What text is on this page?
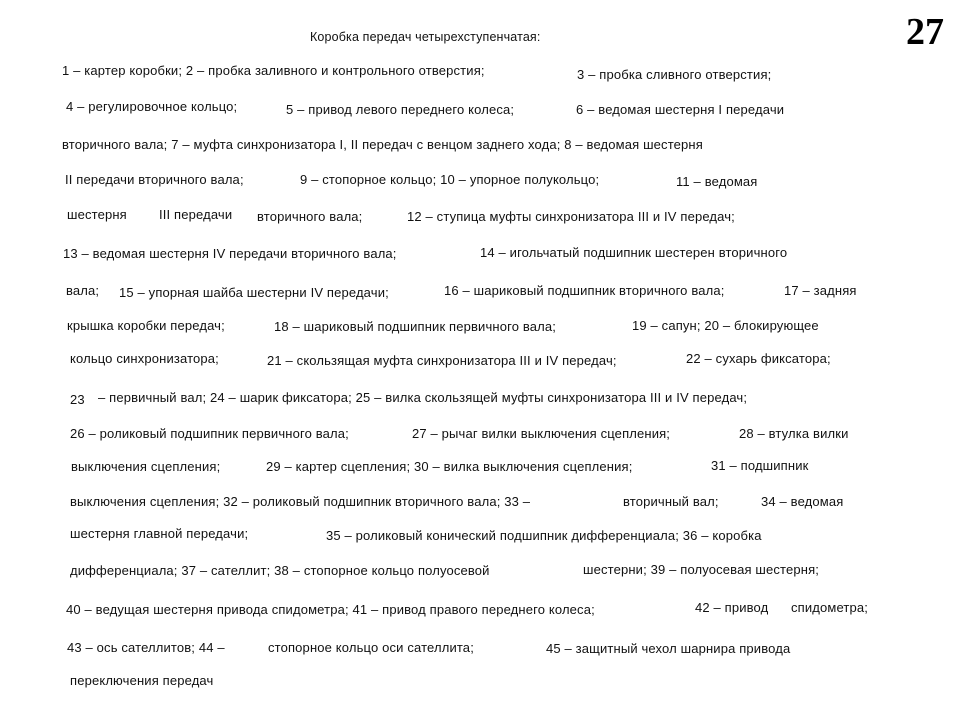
Коробка передач четырехступенчатая:	27
1 – картер коробки; 2 – пробка заливного и контрольного отверстия;	3 – пробка сливного отверстия;
4 – регулировочное кольцо;	5 – привод левого переднего колеса;	6 – ведомая шестерня I передачи
вторичного вала; 7 – муфта синхронизатора I, II передач с венцом заднего хода; 8 – ведомая шестерня
II передачи вторичного вала;	9 – стопорное кольцо; 10 – упорное полукольцо;	11 – ведомая
шестерня III передачи вторичного вала;	12 – ступица муфты синхронизатора III и IV передач;
13 – ведомая шестерня IV передачи вторичного вала;	14 – игольчатый подшипник шестерен вторичного
вала; 15 – упорная шайба шестерни IV передачи;	16 – шариковый подшипник вторичного вала;	17 – задняя
крышка коробки передач;	18 – шариковый подшипник первичного вала;	19 – сапун; 20 – блокирующее
кольцо синхронизатора;	21 – скользящая муфта синхронизатора III и IV передач;	22 – сухарь фиксатора;
23 – первичный вал; 24 – шарик фиксатора; 25 – вилка скользящей муфты синхронизатора III и IV передач;
26 – роликовый подшипник первичного вала;	27 – рычаг вилки выключения сцепления;	28 – втулка вилки
выключения сцепления;	29 – картер сцепления; 30 – вилка выключения сцепления;	31 – подшипник
выключения сцепления; 32 – роликовый подшипник вторичного вала; 33 –	вторичный вал;	34 – ведомая
шестерня главной передачи;	35 – роликовый конический подшипник дифференциала; 36 – коробка
дифференциала; 37 – сателлит; 38 – стопорное кольцо полуосевой	шестерни; 39 – полуосевая шестерня;
40 – ведущая шестерня привода спидометра; 41 – привод правого переднего колеса;	42 – привод спидометра;
43 – ось сателлитов; 44 –	стопорное кольцо оси сателлита;	45 – защитный чехол шарнира привода
переключения передач
